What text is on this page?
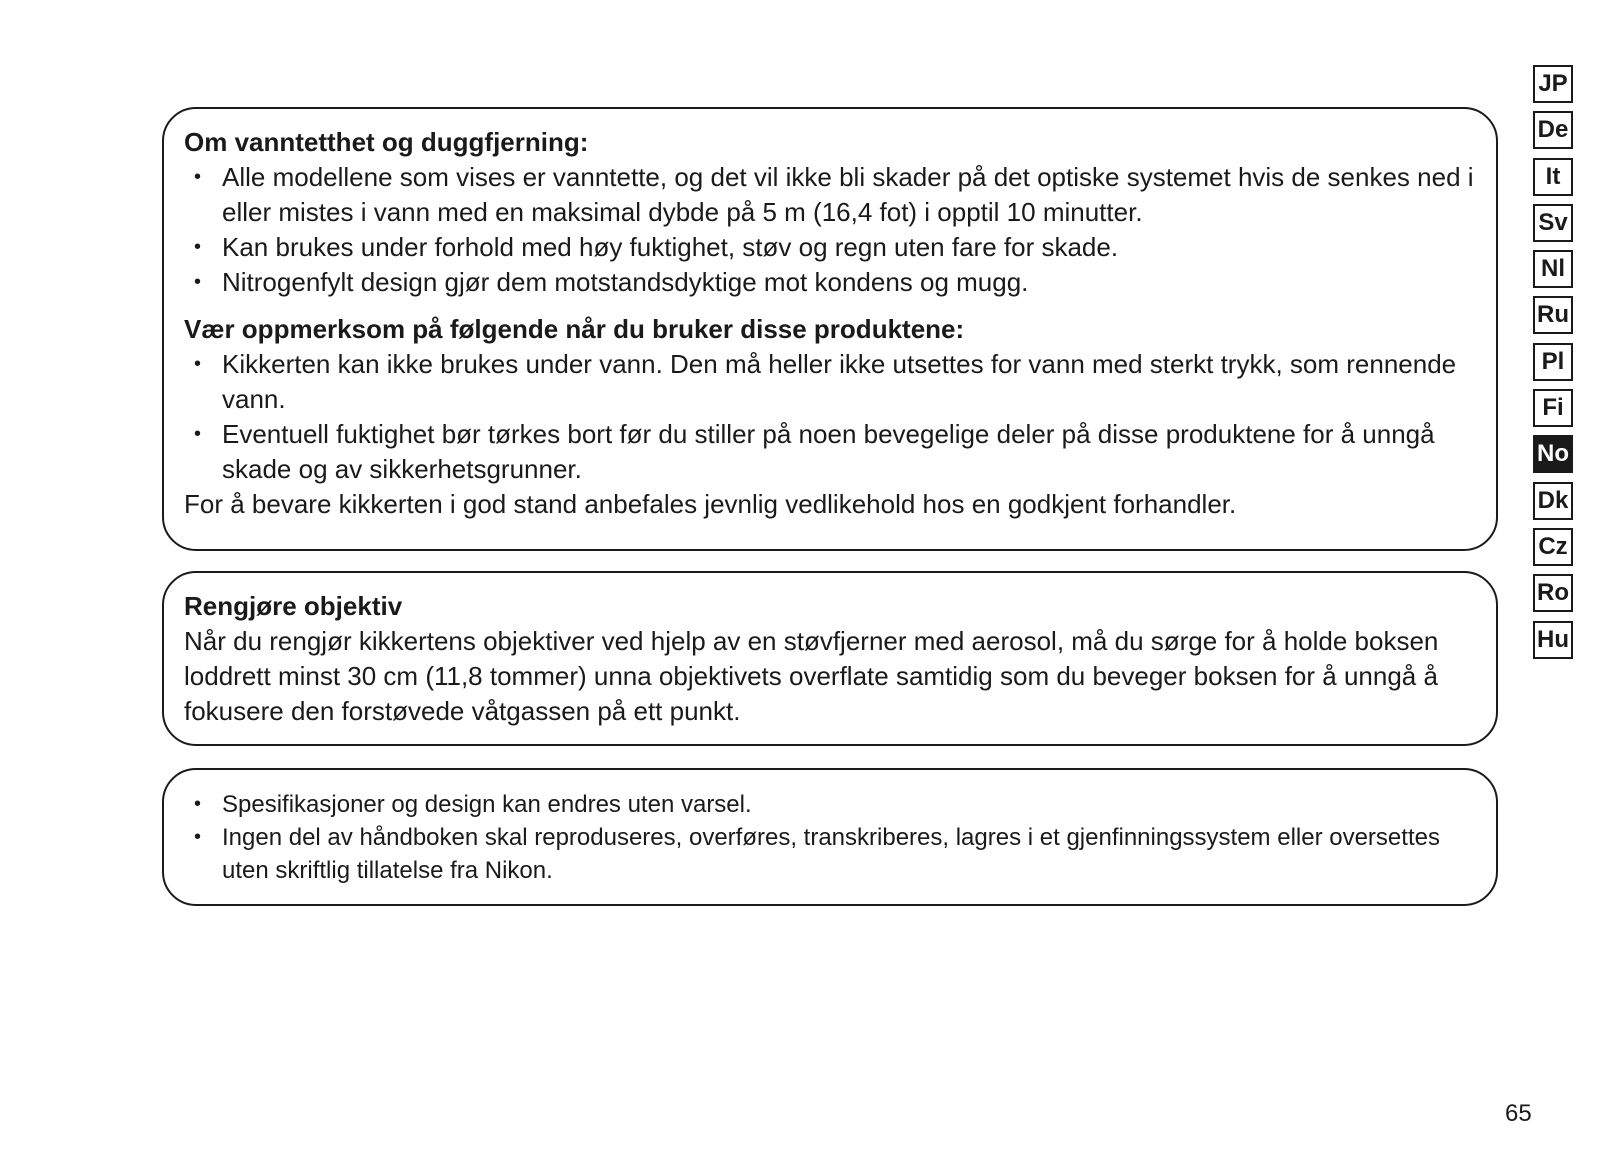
Om vanntetthet og duggfjerning:
• Alle modellene som vises er vanntette, og det vil ikke bli skader på det optiske systemet hvis de senkes ned i eller mistes i vann med en maksimal dybde på 5 m (16,4 fot) i opptil 10 minutter.
• Kan brukes under forhold med høy fuktighet, støv og regn uten fare for skade.
• Nitrogenfylt design gjør dem motstandsdyktige mot kondens og mugg.
Vær oppmerksom på følgende når du bruker disse produktene:
• Kikkerten kan ikke brukes under vann. Den må heller ikke utsettes for vann med sterkt trykk, som rennende vann.
• Eventuell fuktighet bør tørkes bort før du stiller på noen bevegelige deler på disse produktene for å unngå skade og av sikkerhetsgrunner.

For å bevare kikkerten i god stand anbefales jevnlig vedlikehold hos en godkjent forhandler.

Rengjøre objektiv

Når du rengjør kikkertens objektiver ved hjelp av en støvfjerner med aerosol, må du sørge for å holde boksen loddrett minst 30 cm (11,8 tommer) unna objektivets overflate samtidig som du beveger boksen for å unngå å fokusere den forstøvede våtgassen på ett punkt.

• Spesifikasjoner og design kan endres uten varsel.
• Ingen del av håndboken skal reproduseres, overføres, transkriberes, lagres i et gjenfinningssystem eller oversettes uten skriftlig tillatelse fra Nikon.
JP
De
It
Sv
Nl
Ru
Pl
Fi
No
Dk
Cz
Ro
Hu
65
